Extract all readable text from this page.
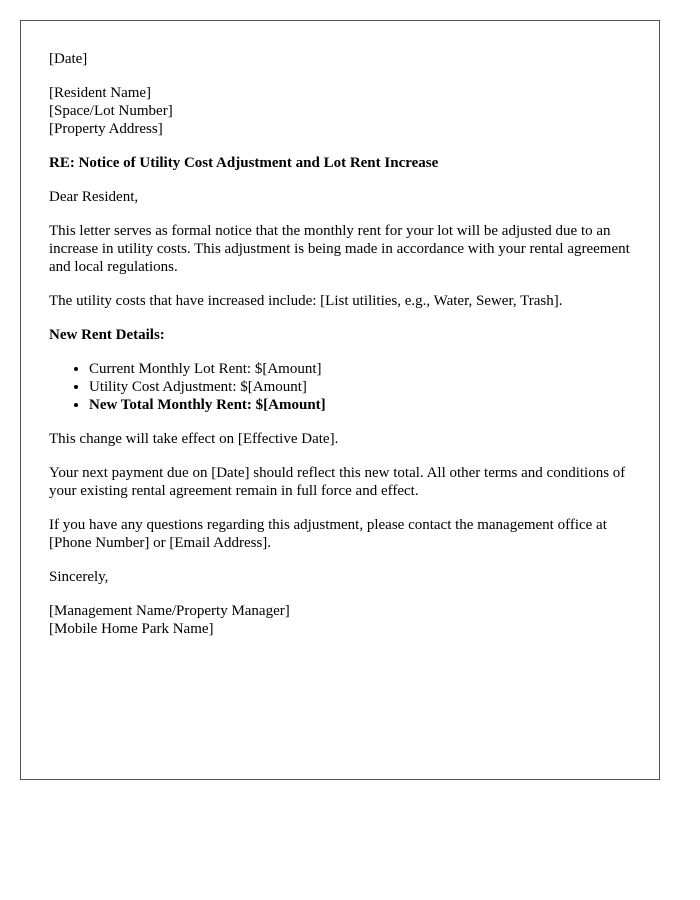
[Date]

[Resident Name]
[Space/Lot Number]
[Property Address]

RE: Notice of Utility Cost Adjustment and Lot Rent Increase

Dear Resident,

This letter serves as formal notice that the monthly rent for your lot will be adjusted due to an increase in utility costs. This adjustment is being made in accordance with your rental agreement and local regulations.

The utility costs that have increased include: [List utilities, e.g., Water, Sewer, Trash].

New Rent Details:

• Current Monthly Lot Rent: $[Amount]
• Utility Cost Adjustment: $[Amount]
• New Total Monthly Rent: $[Amount]

This change will take effect on [Effective Date].

Your next payment due on [Date] should reflect this new total. All other terms and conditions of your existing rental agreement remain in full force and effect.

If you have any questions regarding this adjustment, please contact the management office at [Phone Number] or [Email Address].

Sincerely,

[Management Name/Property Manager]
[Mobile Home Park Name]
